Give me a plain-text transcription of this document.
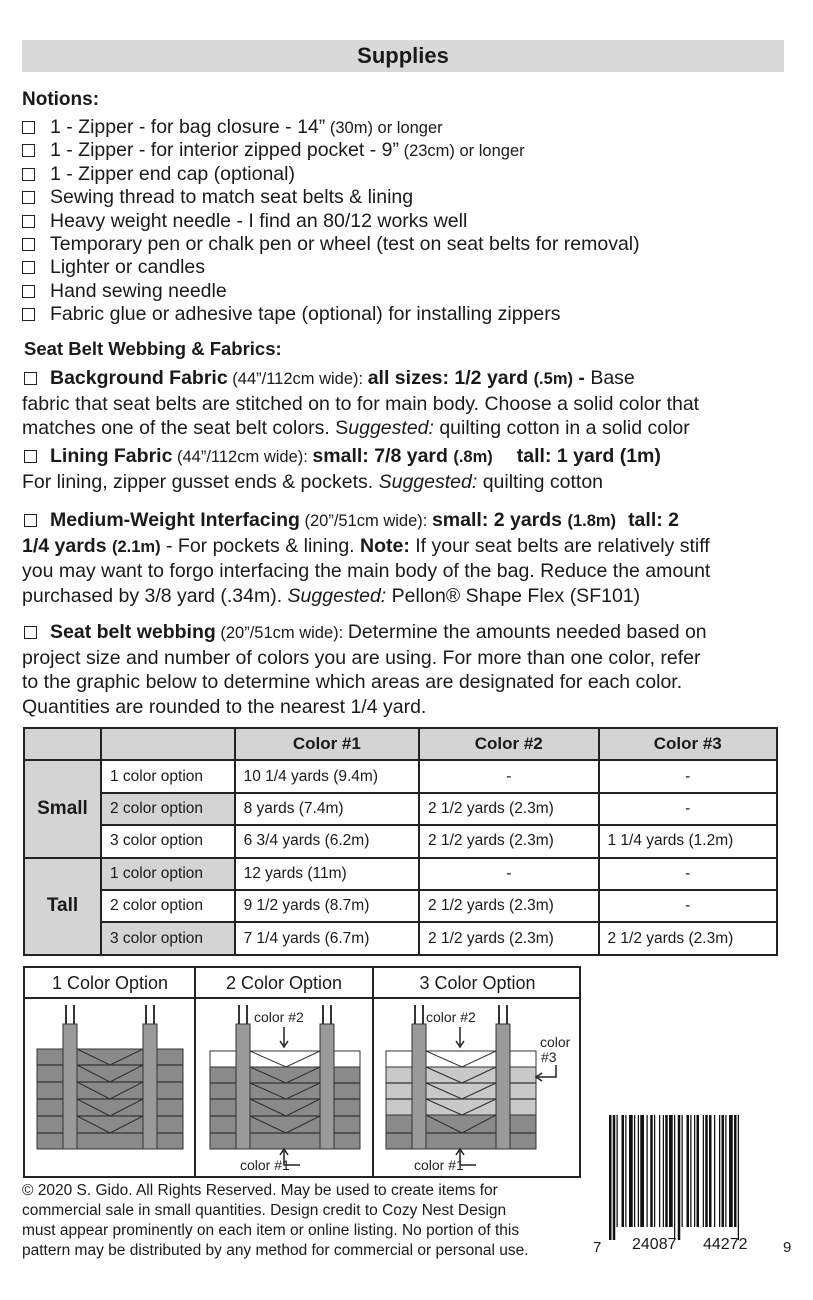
Supplies
Notions:
1 - Zipper - for bag closure - 14” (30m) or longer
1 - Zipper - for interior zipped pocket - 9” (23cm) or longer
1 - Zipper end cap (optional)
Sewing thread to match seat belts & lining
Heavy weight needle - I find an 80/12 works well
Temporary pen or chalk pen or wheel (test on seat belts for removal)
Lighter or candles
Hand sewing needle
Fabric glue or adhesive tape (optional) for installing zippers
Seat Belt Webbing & Fabrics:
Background Fabric (44”/112cm wide): all sizes: 1/2 yard (.5m) - Base
fabric that seat belts are stitched on to for main body. Choose a solid color that
matches one of the seat belt colors. Suggested: quilting cotton in a solid color
Lining Fabric (44”/112cm wide): small: 7/8 yard (.8m) tall: 1 yard (1m)
For lining, zipper gusset ends & pockets. Suggested: quilting cotton
Medium-Weight Interfacing (20”/51cm wide): small: 2 yards (1.8m) tall: 2
1/4 yards (2.1m) - For pockets & lining. Note: If your seat belts are relatively stiff
you may want to forgo interfacing the main body of the bag. Reduce the amount
purchased by 3/8 yard (.34m). Suggested: Pellon® Shape Flex (SF101)
Seat belt webbing (20”/51cm wide): Determine the amounts needed based on
project size and number of colors you are using. For more than one color, refer
to the graphic below to determine which areas are designated for each color.
Quantities are rounded to the nearest 1/4 yard.
		Color #1	Color #2	Color #3
Small	1 color option	10 1/4 yards (9.4m)	-	-
	2 color option	8 yards (7.4m)	2 1/2 yards (2.3m)	-
	3 color option	6 3/4 yards (6.2m)	2 1/2 yards (2.3m)	1 1/4 yards (1.2m)
Tall	1 color option	12 yards (11m)	-	-
	2 color option	9 1/2 yards (8.7m)	2 1/2 yards (2.3m)	-
	3 color option	7 1/4 yards (6.7m)	2 1/2 yards (2.3m)	2 1/2 yards (2.3m)
1 Color Option	2 Color Option
color #2
color #1
3 Color Option
color #2
color #1
color
#3
© 2020 S. Gido. All Rights Reserved. May be used to create items for
commercial sale in small quantities. Design credit to Cozy Nest Design
must appear prominently on each item or online listing. No portion of this
pattern may be distributed by any method for commercial or personal use.	7 24087 44272 9
